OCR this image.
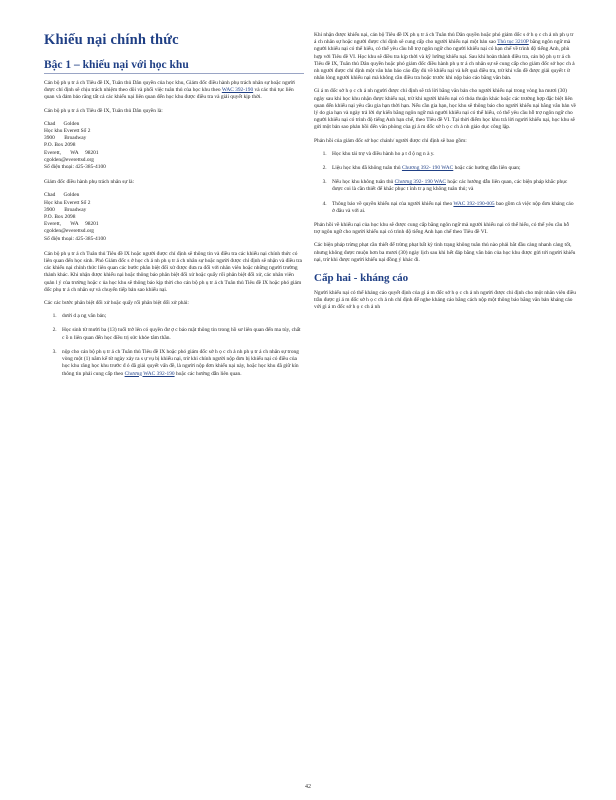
Khiếu nại chính thức
Bậc 1 – khiếu nại với học khu

Cán bộ ph ụ tr á ch Tiêu đề IX, Tuân thủ Dân quyền của học khu, Giám đốc điều hành phụ trách nhân sự hoặc người được chỉ định sẽ chịu trách nhiệm theo dõi và phối việc tuân thủ của học khu theo WAC 392-190 và các thủ tục liên quan và đảm bảo rằng tất cả các khiếu nại liên quan đến học khu được điều tra và giải quyết kịp thời.

Cán bộ ph ụ tr á ch Tiêu đề IX, Tuân thủ Dân quyền là:

Chad      Golden
Học khu Everett Số 2
3900       Broadway
P.O. Box 2098
Everett,       WA     98201
cgolden@everettsd.org
Số điện thoại: 425-385-4100

Giám đốc điều hành phụ trách nhân sự là:

Chad      Golden
Học khu Everett Số 2
3900       Broadway
P.O. Box 2098
Everett,       WA     98201
cgolden@everettsd.org
Số điện thoại: 425-385-4100

Cán bộ ph ụ tr á ch Tuân thủ Tiêu đề IX hoặc người được chỉ định sẽ thông tin và điều tra các khiếu nại chính thức có liên quan đến học sinh. Phó Giám đốc s ở học ch ả nh ph ụ tr á ch nhân sự hoặc người được chỉ định sẽ nhận và điều tra các khiếu nại chính thức liên quan các bước phân biệt đối xử được đưa ra đối với nhân viên hoặc những người trường thành khác. Khi nhận được khiếu nại hoặc thông báo phân biệt đối xử hoặc quấy rối phân biệt đối xử, các nhân viên quản l ý của trường hoặc c ủa học khu sẽ thông báo kịp thời cho cán bộ ph ụ tr á ch Tuân thủ Tiêu đề IX hoặc phó giám đốc phụ tr á ch nhân sự và chuyển tiếp bản sao khiếu nại.

Các các bước phân biệt đối xử hoặc quấy rối phân biệt đối xử phải:

1. dưới d ạ ng văn bản;
2. Học sinh từ mười ba (13) tuổi trở lên có quyền đư ợ c báo mật thông tin trong hồ sơ liên quan đến ma túy, chất c ồ n liên quan đến học điều trị sức khỏe tâm thần.
3. nộp cho cán bộ ph ụ tr á ch Tuân thủ Tiêu đề IX hoặc phó giám đốc sở h ọ c ch ả nh ph ụ tr á ch nhân sự trong vòng một (1) năm kể từ ngày xảy ra s ự vụ bị khiếu nại, trừ khi chính người nộp đơn bị khiếu nại có điều của học khu răng học khu trước đ ó đã giải quyết vấn đề, là người nộp đơn khiếu nại này, hoặc học khu đã giữ kín thông tin phải cung cấp theo Chương WAC 392-190 hoặc các hướng dẫn liên quan.

Khi nhận được khiếu nại, cán bộ Tiêu đề IX ph ụ tr á ch Tuân thủ Dân quyền hoặc phó giám đốc s ở h ọ c ch ả nh ph ụ tr á ch nhân sự hoặc người được chỉ định sẽ cung cấp cho người khiếu nại một bản sao Thủ tục 3210P bằng ngôn ngữ mà người khiếu nại có thể hiểu, có thể yêu cầu hỗ trợ ngôn ngữ cho người khiếu nại có hạn chế về trình độ tiếng Anh, phù hợp với Tiêu đề VI. Học khu sẽ điều tra kịp thời và kỹ lưỡng khiếu nại. Sau khi hoàn thành điều tra, cán bộ ph ụ tr á ch Tiêu đề IX, Tuân thủ Dân quyền hoặc phó giám đốc điều hành ph ụ tr á ch nhân sự sẽ cung cấp cho giám đốc sở học ch ả nh người được chỉ định một văn bản báo cáo đầy đủ về khiếu nại và kết quả điều tra, trừ khi vấn đề được giải quyết t ừ nhân lòng người khiếu nại mà không cần điều tra hoặc trước khi nộp báo cáo bằng văn bản.

Gi á m đốc sở h ọ c ch ả nh người được chỉ định sẽ trả lời bằng văn bản cho người khiếu nại trong vòng ba mươi (30) ngày sau khi học khu nhận được khiếu nại, trừ khi người khiếu nại có thỏa thuận khác hoặc các trường hợp đặc biệt liên quan đến khiếu nại yêu cầu gia hạn thời hạn. Nếu cần gia hạn, học khu sẽ thông báo cho người khiếu nại bằng văn bản về lý do gia hạn và ngày trả lời dự kiến bằng ngôn ngữ mà người khiếu nại có thể hiểu, có thể yêu cầu hỗ trợ ngôn ngữ cho người khiếu nại có trình độ tiếng Anh hạn chế, theo Tiêu đề VI. Tại thời điểm học khu trả lời người khiếu nại, học khu sẽ gửi một bản sao phản hồi đến văn phòng của gi á m đốc sở h ọ c ch ả nh giáo dục công lập.

Phản hồi của giám đốc sở học chánh/ người được chỉ định sẽ bao gồm:

1. Học khu tái trợ và điều hành ho ạ t đ ộ ng n à y.
2. Liệu học khu đã không tuân thủ Chương 392- 190 WAC hoặc các hướng dẫn liên quan;
3. Nếu học khu không tuân thủ Chương 392- 190 WAC hoặc các hướng dẫn liên quan, các biện pháp khắc phục được coi là cần thiết để khắc phục t ình tr ạ ng không tuân thủ; và
4. Thông báo về quyền khiếu nại của người khiếu nại theo WAC 392-190-005 bao gồm cả việc nộp đơn kháng cáo ở đâu và với ai.

Phản hồi về khiếu nại của học khu sẽ được cung cấp bằng ngôn ngữ mà người khiếu nại có thể hiểu, có thể yêu cầu hỗ trợ ngôn ngữ cho người khiếu nại có trình độ tiếng Anh hạn chế theo Tiêu đề VI.

Các biện pháp trừng phạt cần thiết để trừng phạt bất kỳ tình trạng không tuân thủ nào phải bắt đầu càng nhanh càng tốt, nhưng không được muộn hơn ba mươi (30) ngày lịch sau khi hết đáp bằng văn bản của học khu được gửi tới người khiếu nại, trừ khi được người khiếu nại đồng ý khác đi.

Cấp hai - kháng cáo

Người khiếu nại có thể kháng cáo quyết định của gi á m đốc sở h ọ c ch ả nh người được chỉ định cho một nhân viên điều trần được gi á m đốc sở h ọ c ch ả nh chỉ định để nghe kháng cáo bằng cách nộp một thông báo bằng văn bản kháng cáo với gi á m đốc sở h ọ c ch ả nh

42
